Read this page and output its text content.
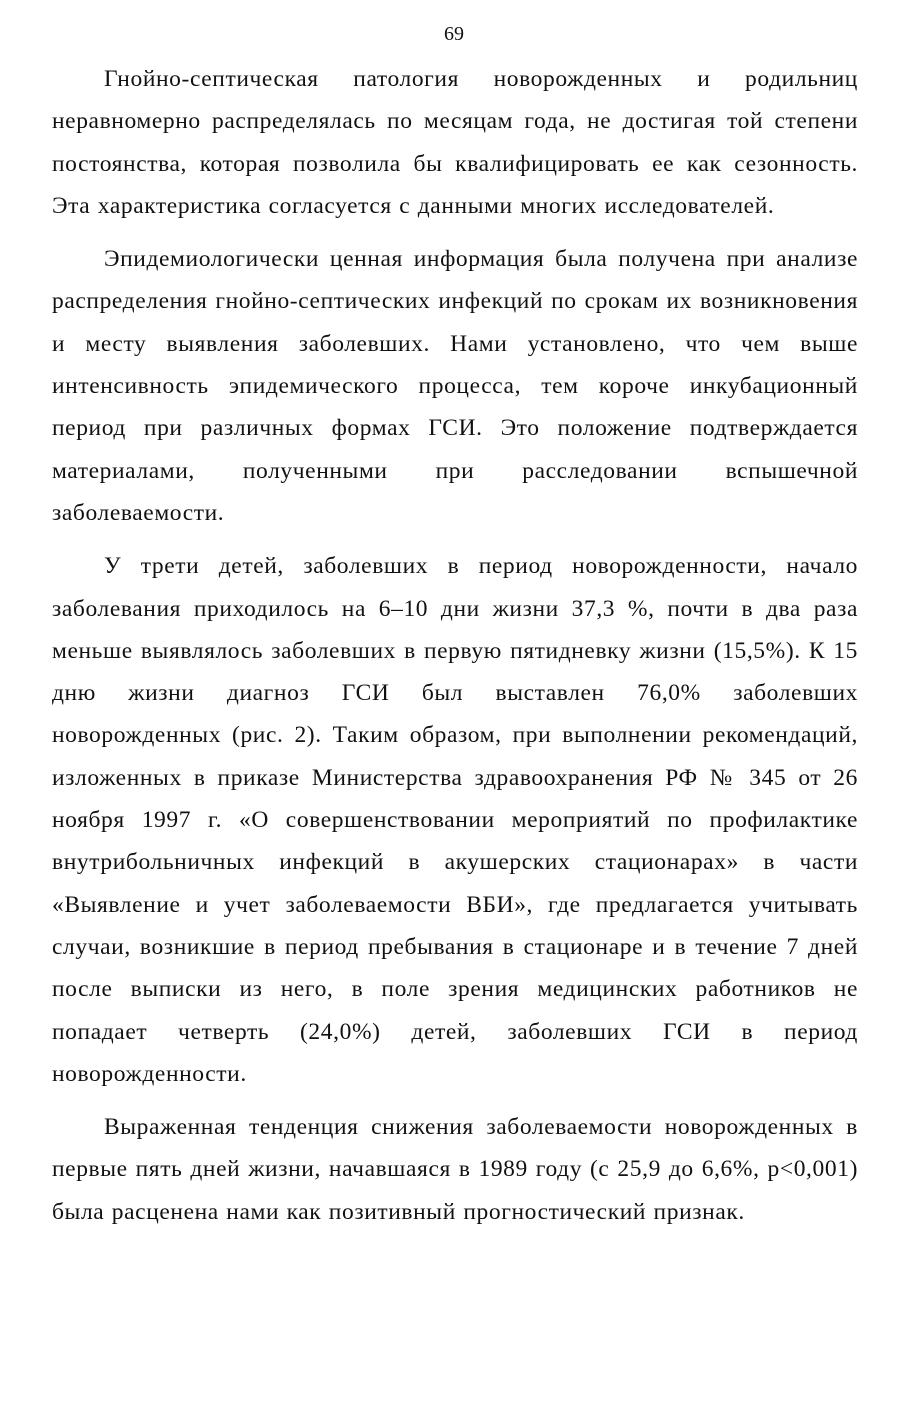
69

Гнойно-септическая патология новорожденных и родильниц неравномерно распределялась по месяцам года, не достигая той степени постоянства, которая позволила бы квалифицировать ее как сезонность. Эта характеристика согласуется с данными многих исследователей.

Эпидемиологически ценная информация была получена при анализе распределения гнойно-септических инфекций по срокам их возникновения и месту выявления заболевших. Нами установлено, что чем выше интенсивность эпидемического процесса, тем короче инкубационный период при различных формах ГСИ. Это положение подтверждается материалами, полученными при расследовании вспышечной заболеваемости.

У трети детей, заболевших в период новорожденности, начало заболевания приходилось на 6–10 дни жизни 37,3 %, почти в два раза меньше выявлялось заболевших в первую пятидневку жизни (15,5%). К 15 дню жизни диагноз ГСИ был выставлен 76,0% заболевших новорожденных (рис. 2). Таким образом, при выполнении рекомендаций, изложенных в приказе Министерства здравоохранения РФ № 345 от 26 ноября 1997 г. «О совершенствовании мероприятий по профилактике внутрибольничных инфекций в акушерских стационарах» в части «Выявление и учет заболеваемости ВБИ», где предлагается учитывать случаи, возникшие в период пребывания в стационаре и в течение 7 дней после выписки из него, в поле зрения медицинских работников не попадает четверть (24,0%) детей, заболевших ГСИ в период новорожденности.

Выраженная тенденция снижения заболеваемости новорожденных в первые пять дней жизни, начавшаяся в 1989 году (с 25,9 до 6,6%, p<0,001) была расценена нами как позитивный прогностический признак.
